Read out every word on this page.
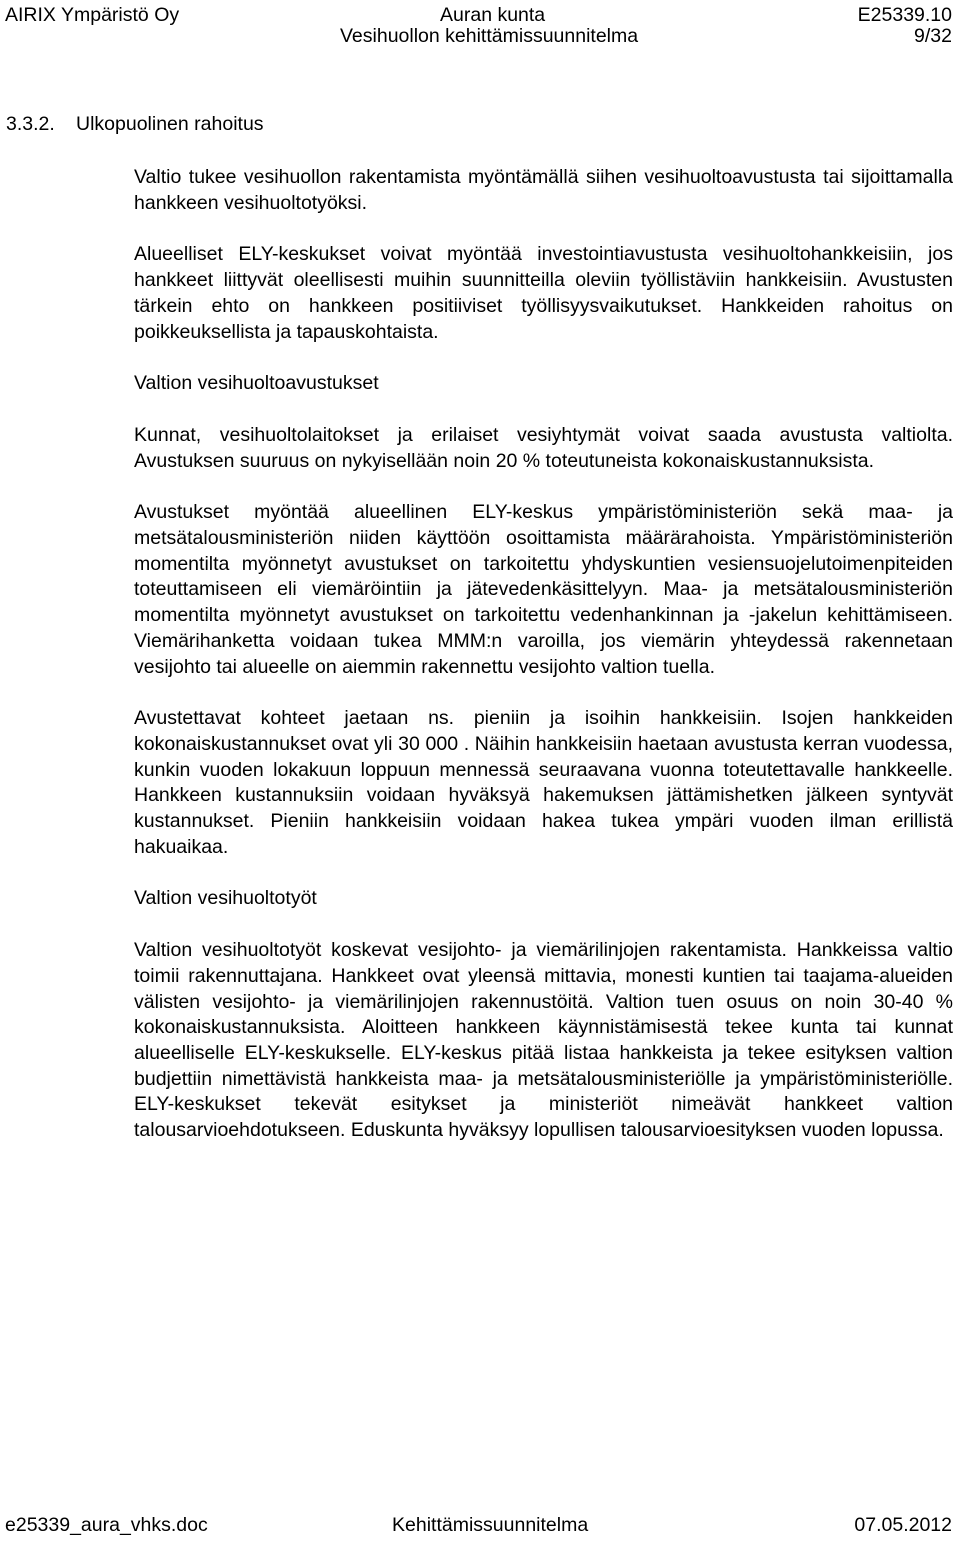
AIRIX Ympäristö Oy	Auran kunta	E25339.10
Vesihuollon kehittämissuunnitelma	9/32
3.3.2. Ulkopuolinen rahoitus

Valtio tukee vesihuollon rakentamista myöntämällä siihen vesihuoltoavustusta tai sijoittamalla hankkeen vesihuoltotyöksi.

Alueelliset ELY-keskukset voivat myöntää investointiavustusta vesihuoltohankkeisiin, jos hankkeet liittyvät oleellisesti muihin suunnitteilla oleviin työllistäviin hankkeisiin. Avustusten tärkein ehto on hankkeen positiiviset työllisyysvaikutukset. Hankkeiden rahoitus on poikkeuksellista ja tapauskohtaista.

Valtion vesihuoltoavustukset

Kunnat, vesihuoltolaitokset ja erilaiset vesiyhtymät voivat saada avustusta valtiolta. Avustuksen suuruus on nykyisellään noin 20 % toteutuneista kokonaiskustannuksista.

Avustukset myöntää alueellinen ELY-keskus ympäristöministeriön sekä maa- ja metsätalousministeriön niiden käyttöön osoittamista määrärahoista. Ympäristöministeriön momentilta myönnetyt avustukset on tarkoitettu yhdyskuntien vesiensuojelutoimenpiteiden toteuttamiseen eli viemäröintiin ja jätevedenkäsittelyyn. Maa- ja metsätalousministeriön momentilta myönnetyt avustukset on tarkoitettu vedenhankinnan ja -jakelun kehittämiseen. Viemärihanketta voidaan tukea MMM:n varoilla, jos viemärin yhteydessä rakennetaan vesijohto tai alueelle on aiemmin rakennettu vesijohto valtion tuella.

Avustettavat kohteet jaetaan ns. pieniin ja isoihin hankkeisiin. Isojen hankkeiden kokonaiskustannukset ovat yli 30 000 . Näihin hankkeisiin haetaan avustusta kerran vuodessa, kunkin vuoden lokakuun loppuun mennessä seuraavana vuonna toteutettavalle hankkeelle. Hankkeen kustannuksiin voidaan hyväksyä hakemuksen jättämishetken jälkeen syntyvät kustannukset. Pieniin hankkeisiin voidaan hakea tukea ympäri vuoden ilman erillistä hakuaikaa.

Valtion vesihuoltotyöt

Valtion vesihuoltotyöt koskevat vesijohto- ja viemärilinjojen rakentamista. Hankkeissa valtio toimii rakennuttajana. Hankkeet ovat yleensä mittavia, monesti kuntien tai taajama-alueiden välisten vesijohto- ja viemärilinjojen rakennustöitä. Valtion tuen osuus on noin 30-40 % kokonaiskustannuksista. Aloitteen hankkeen käynnistämisestä tekee kunta tai kunnat alueelliselle ELY-keskukselle. ELY-keskus pitää listaa hankkeista ja tekee esityksen valtion budjettiin nimettävistä hankkeista maa- ja metsätalousministeriölle ja ympäristöministeriölle. ELY-keskukset tekevät esitykset ja ministeriöt nimeävät hankkeet valtion talousarvioehdotukseen. Eduskunta hyväksyy lopullisen talousarvioesityksen vuoden lopussa.

e25339_aura_vhks.doc	Kehittämissuunnitelma	07.05.2012
